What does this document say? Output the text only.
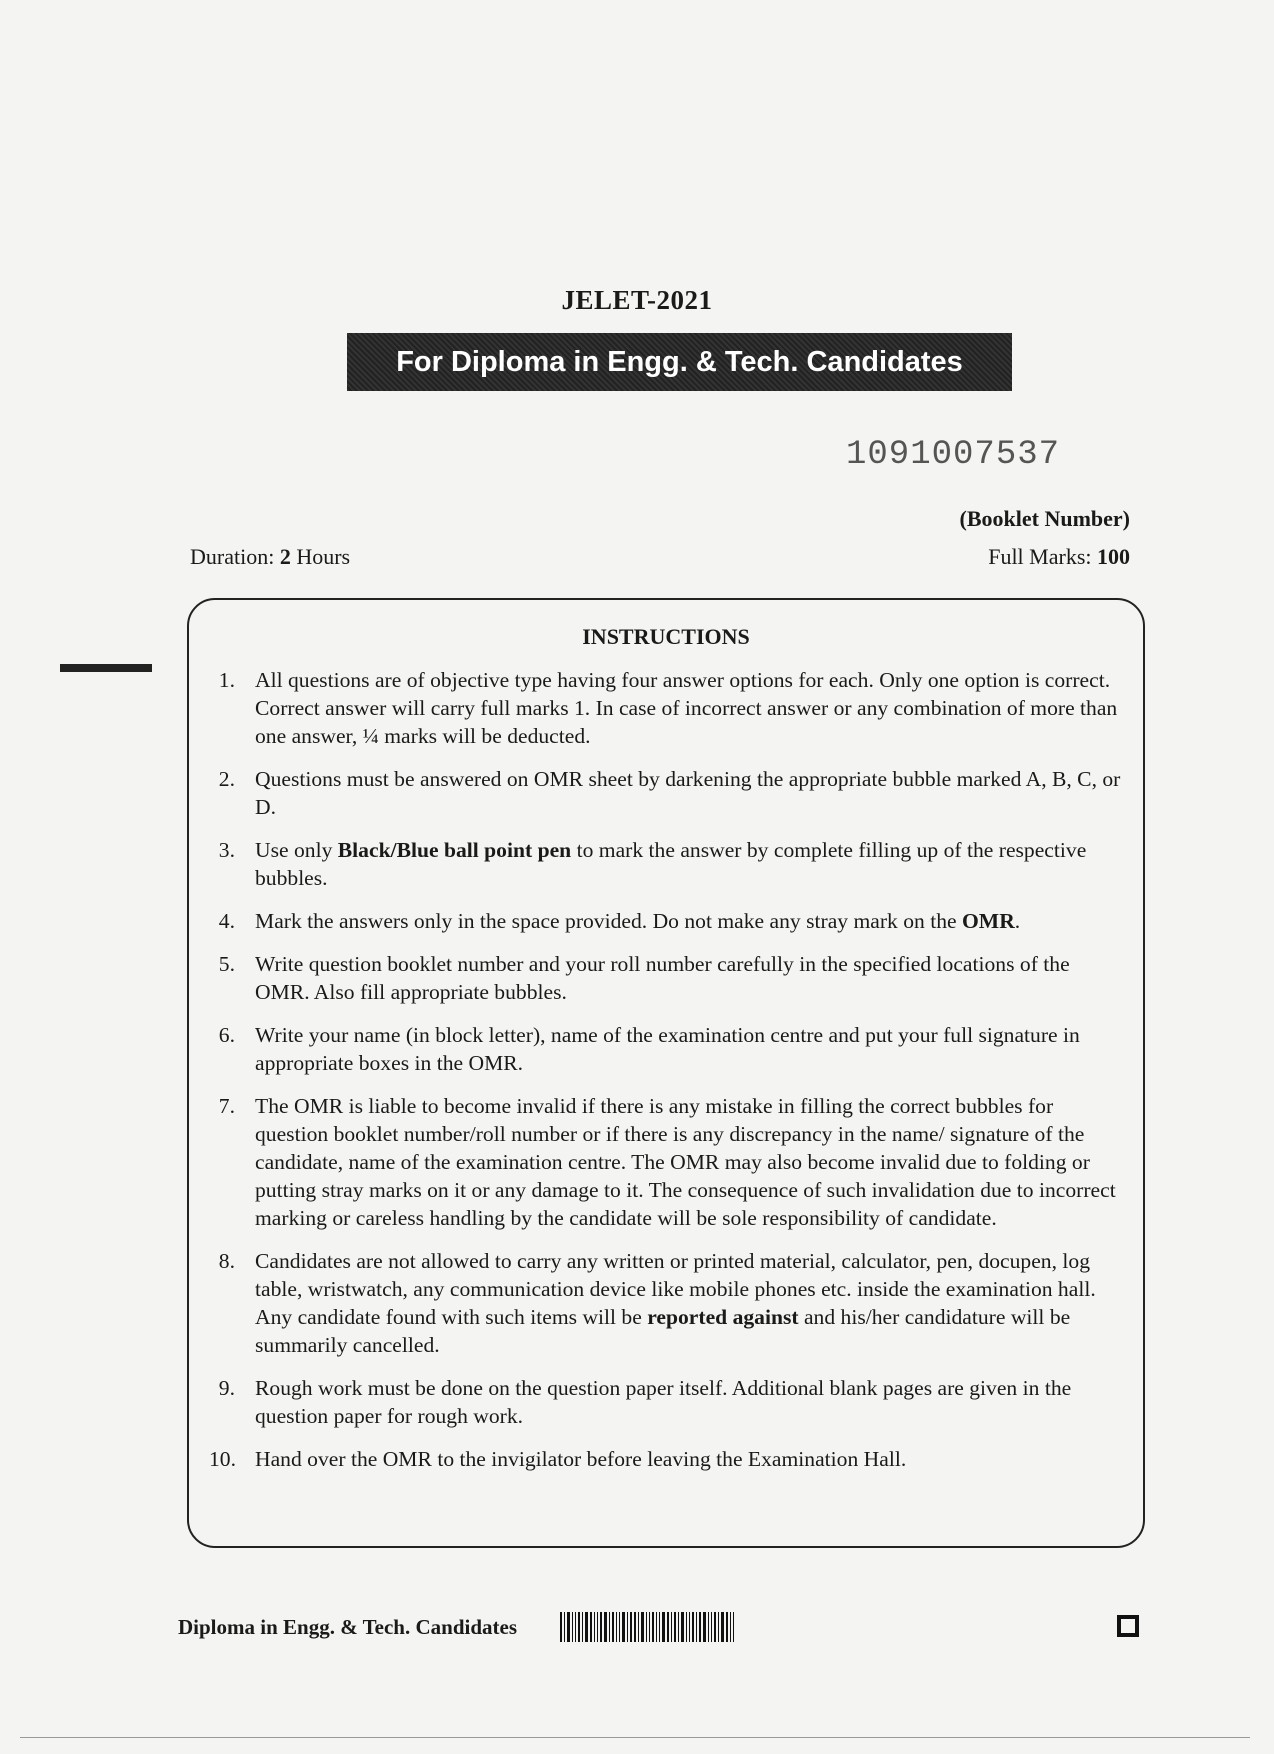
JELET-2021
For Diploma in Engg. & Tech. Candidates
1091007537
(Booklet Number)
Duration: 2 Hours	Full Marks: 100
INSTRUCTIONS
1. All questions are of objective type having four answer options for each. Only one option is correct. Correct answer will carry full marks 1. In case of incorrect answer or any combination of more than one answer, ¼ marks will be deducted.
2. Questions must be answered on OMR sheet by darkening the appropriate bubble marked A, B, C, or D.
3. Use only Black/Blue ball point pen to mark the answer by complete filling up of the respective bubbles.
4. Mark the answers only in the space provided. Do not make any stray mark on the OMR.
5. Write question booklet number and your roll number carefully in the specified locations of the OMR. Also fill appropriate bubbles.
6. Write your name (in block letter), name of the examination centre and put your full signature in appropriate boxes in the OMR.
7. The OMR is liable to become invalid if there is any mistake in filling the correct bubbles for question booklet number/roll number or if there is any discrepancy in the name/ signature of the candidate, name of the examination centre. The OMR may also become invalid due to folding or putting stray marks on it or any damage to it. The consequence of such invalidation due to incorrect marking or careless handling by the candidate will be sole responsibility of candidate.
8. Candidates are not allowed to carry any written or printed material, calculator, pen, docupen, log table, wristwatch, any communication device like mobile phones etc. inside the examination hall. Any candidate found with such items will be reported against and his/her candidature will be summarily cancelled.
9. Rough work must be done on the question paper itself. Additional blank pages are given in the question paper for rough work.
10. Hand over the OMR to the invigilator before leaving the Examination Hall.
Diploma in Engg. & Tech. Candidates
